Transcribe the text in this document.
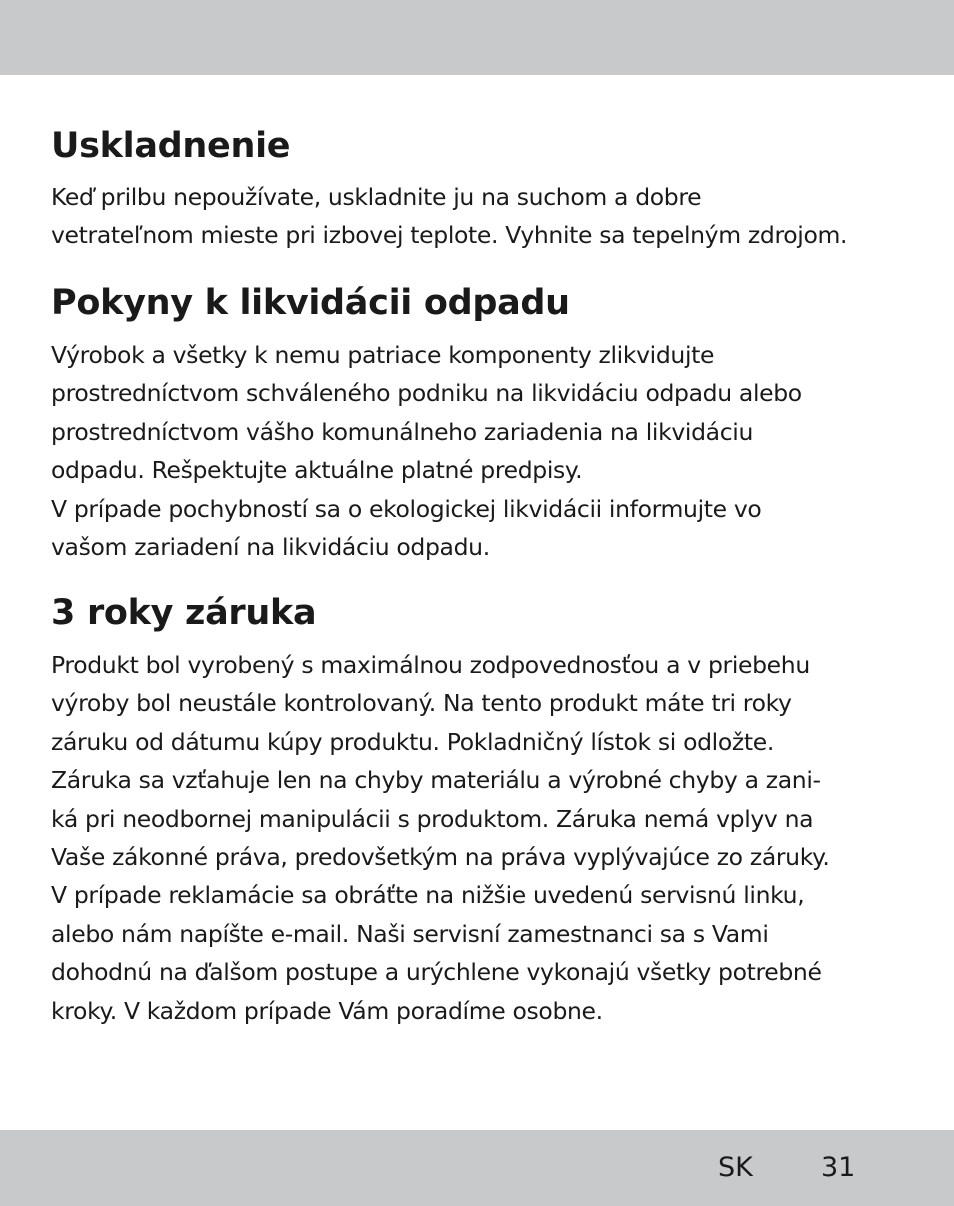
Uskladnenie
Keď prilbu nepoužívate, uskladnite ju na suchom a dobre
vetrateľnom mieste pri izbovej teplote. Vyhnite sa tepelným zdrojom.
Pokyny k likvidácii odpadu
Výrobok a všetky k nemu patriace komponenty zlikvidujte
prostredníctvom schváleného podniku na likvidáciu odpadu alebo
prostredníctvom vášho komunálneho zariadenia na likvidáciu
odpadu. Rešpektujte aktuálne platné predpisy.
V prípade pochybností sa o ekologickej likvidácii informujte vo
vašom zariadení na likvidáciu odpadu.
3 roky záruka
Produkt bol vyrobený s maximálnou zodpovednosťou a v priebehu
výroby bol neustále kontrolovaný. Na tento produkt máte tri roky
záruku od dátumu kúpy produktu. Pokladničný lístok si odložte.
Záruka sa vzťahuje len na chyby materiálu a výrobné chyby a zani-
ká pri neodbornej manipulácii s produktom. Záruka nemá vplyv na
Vaše zákonné práva, predovšetkým na práva vyplývajúce zo záruky.
V prípade reklamácie sa obráťte na nižšie uvedenú servisnú linku,
alebo nám napíšte e-mail. Naši servisní zamestnanci sa s Vami
dohodnú na ďalšom postupe a urýchlene vykonajú všetky potrebné
kroky. V každom prípade Vám poradíme osobne.
SK	31
